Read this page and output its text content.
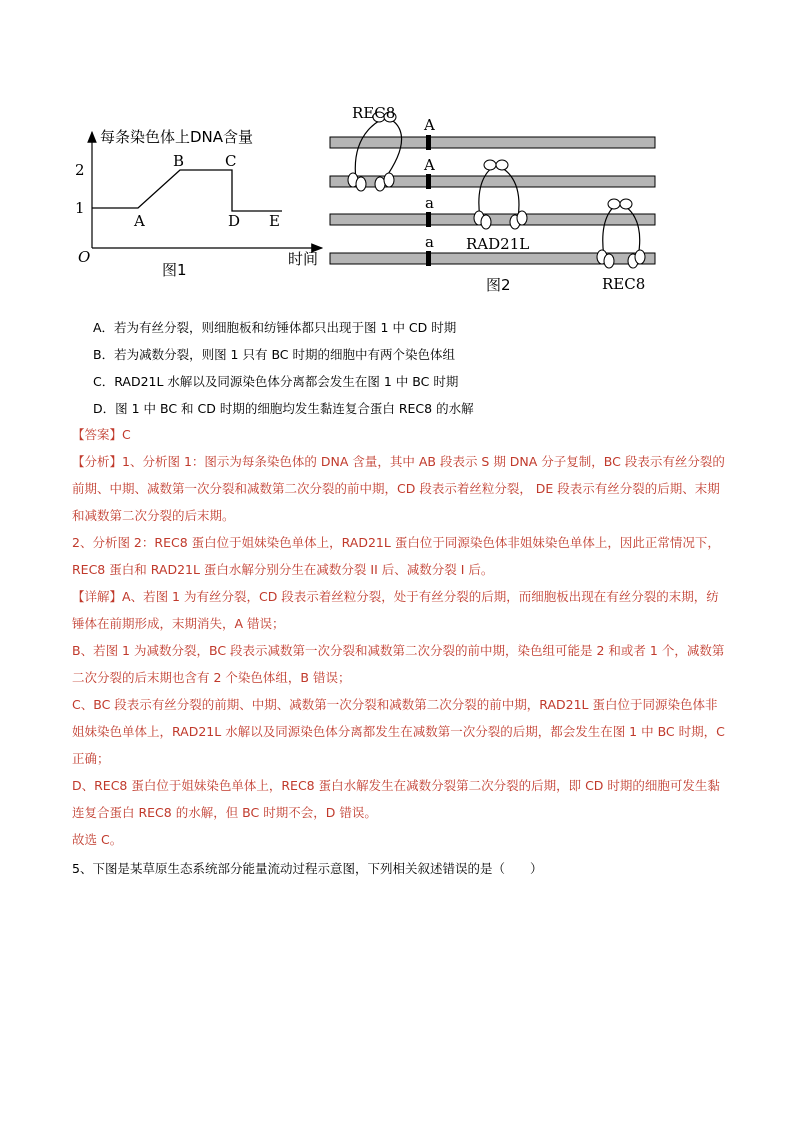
每条染色体上DNA含量
2
1
O
A
B	C
D E
图1
时间
A
A
a
a
REC8
RAD21L
REC8
图2
A．若为有丝分裂，则细胞板和纺锤体都只出现于图 1 中 CD 时期
B．若为减数分裂，则图 1 只有 BC 时期的细胞中有两个染色体组
C．RAD21L 水解以及同源染色体分离都会发生在图 1 中 BC 时期
D．图 1 中 BC 和 CD 时期的细胞均发生黏连复合蛋白 REC8 的水解

【答案】C

【分析】1、分析图 1：图示为每条染色体的 DNA 含量，其中 AB 段表示 S 期 DNA 分子复制，BC 段表示有丝分裂的前期、中期、减数第一次分裂和减数第二次分裂的前中期，CD 段表示着丝粒分裂， DE 段表示有丝分裂的后期、末期和减数第二次分裂的后末期。

2、分析图 2：REC8 蛋白位于姐妹染色单体上，RAD21L 蛋白位于同源染色体非姐妹染色单体上，因此正常情况下，REC8 蛋白和 RAD21L 蛋白水解分别分生在减数分裂 II 后、减数分裂 I 后。

【详解】A、若图 1 为有丝分裂，CD 段表示着丝粒分裂，处于有丝分裂的后期，而细胞板出现在有丝分裂的末期，纺锤体在前期形成，末期消失，A 错误；

B、若图 1 为减数分裂，BC 段表示减数第一次分裂和减数第二次分裂的前中期，染色组可能是 2 和或者 1 个，减数第二次分裂的后末期也含有 2 个染色体组，B 错误；

C、BC 段表示有丝分裂的前期、中期、减数第一次分裂和减数第二次分裂的前中期，RAD21L 蛋白位于同源染色体非姐妹染色单体上，RAD21L 水解以及同源染色体分离都发生在减数第一次分裂的后期，都会发生在图 1 中 BC 时期，C 正确；

D、REC8 蛋白位于姐妹染色单体上，REC8 蛋白水解发生在减数分裂第二次分裂的后期，即 CD 时期的细胞可发生黏连复合蛋白 REC8 的水解，但 BC 时期不会，D 错误。

故选 C。

5、下图是某草原生态系统部分能量流动过程示意图，下列相关叙述错误的是（　　）
